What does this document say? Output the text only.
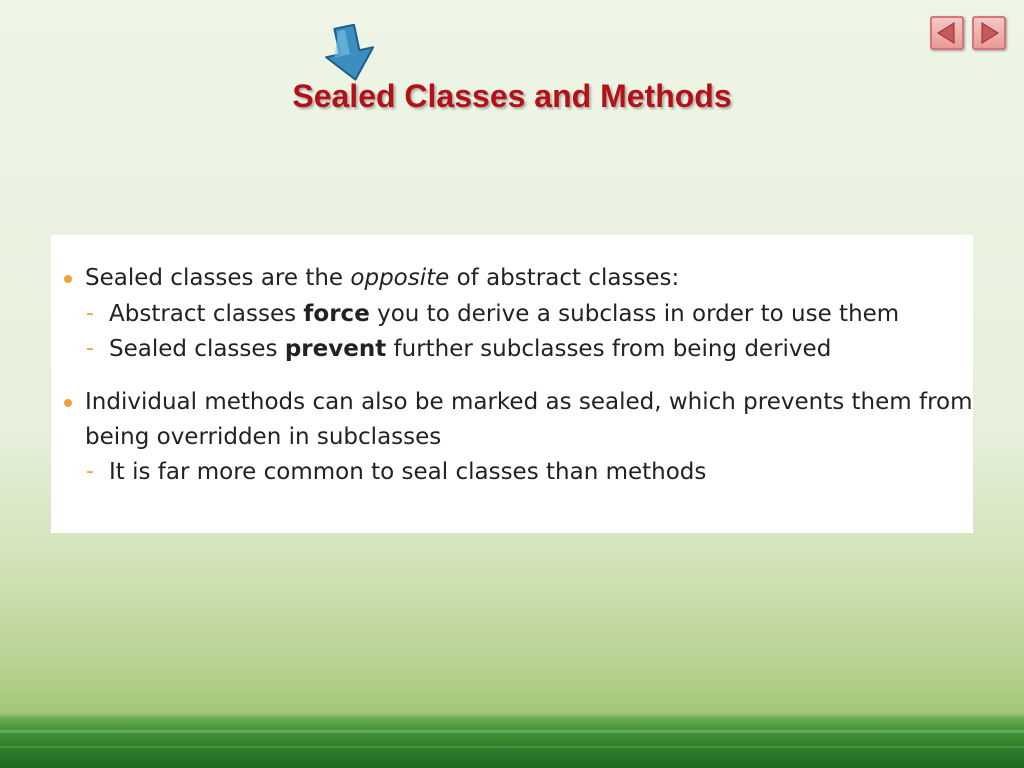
Sealed Classes and Methods
Sealed classes are the opposite of abstract classes:
- Abstract classes force you to derive a subclass in order to use them
- Sealed classes prevent further subclasses from being derived
Individual methods can also be marked as sealed, which prevents them from
being overridden in subclasses
- It is far more common to seal classes than methods
